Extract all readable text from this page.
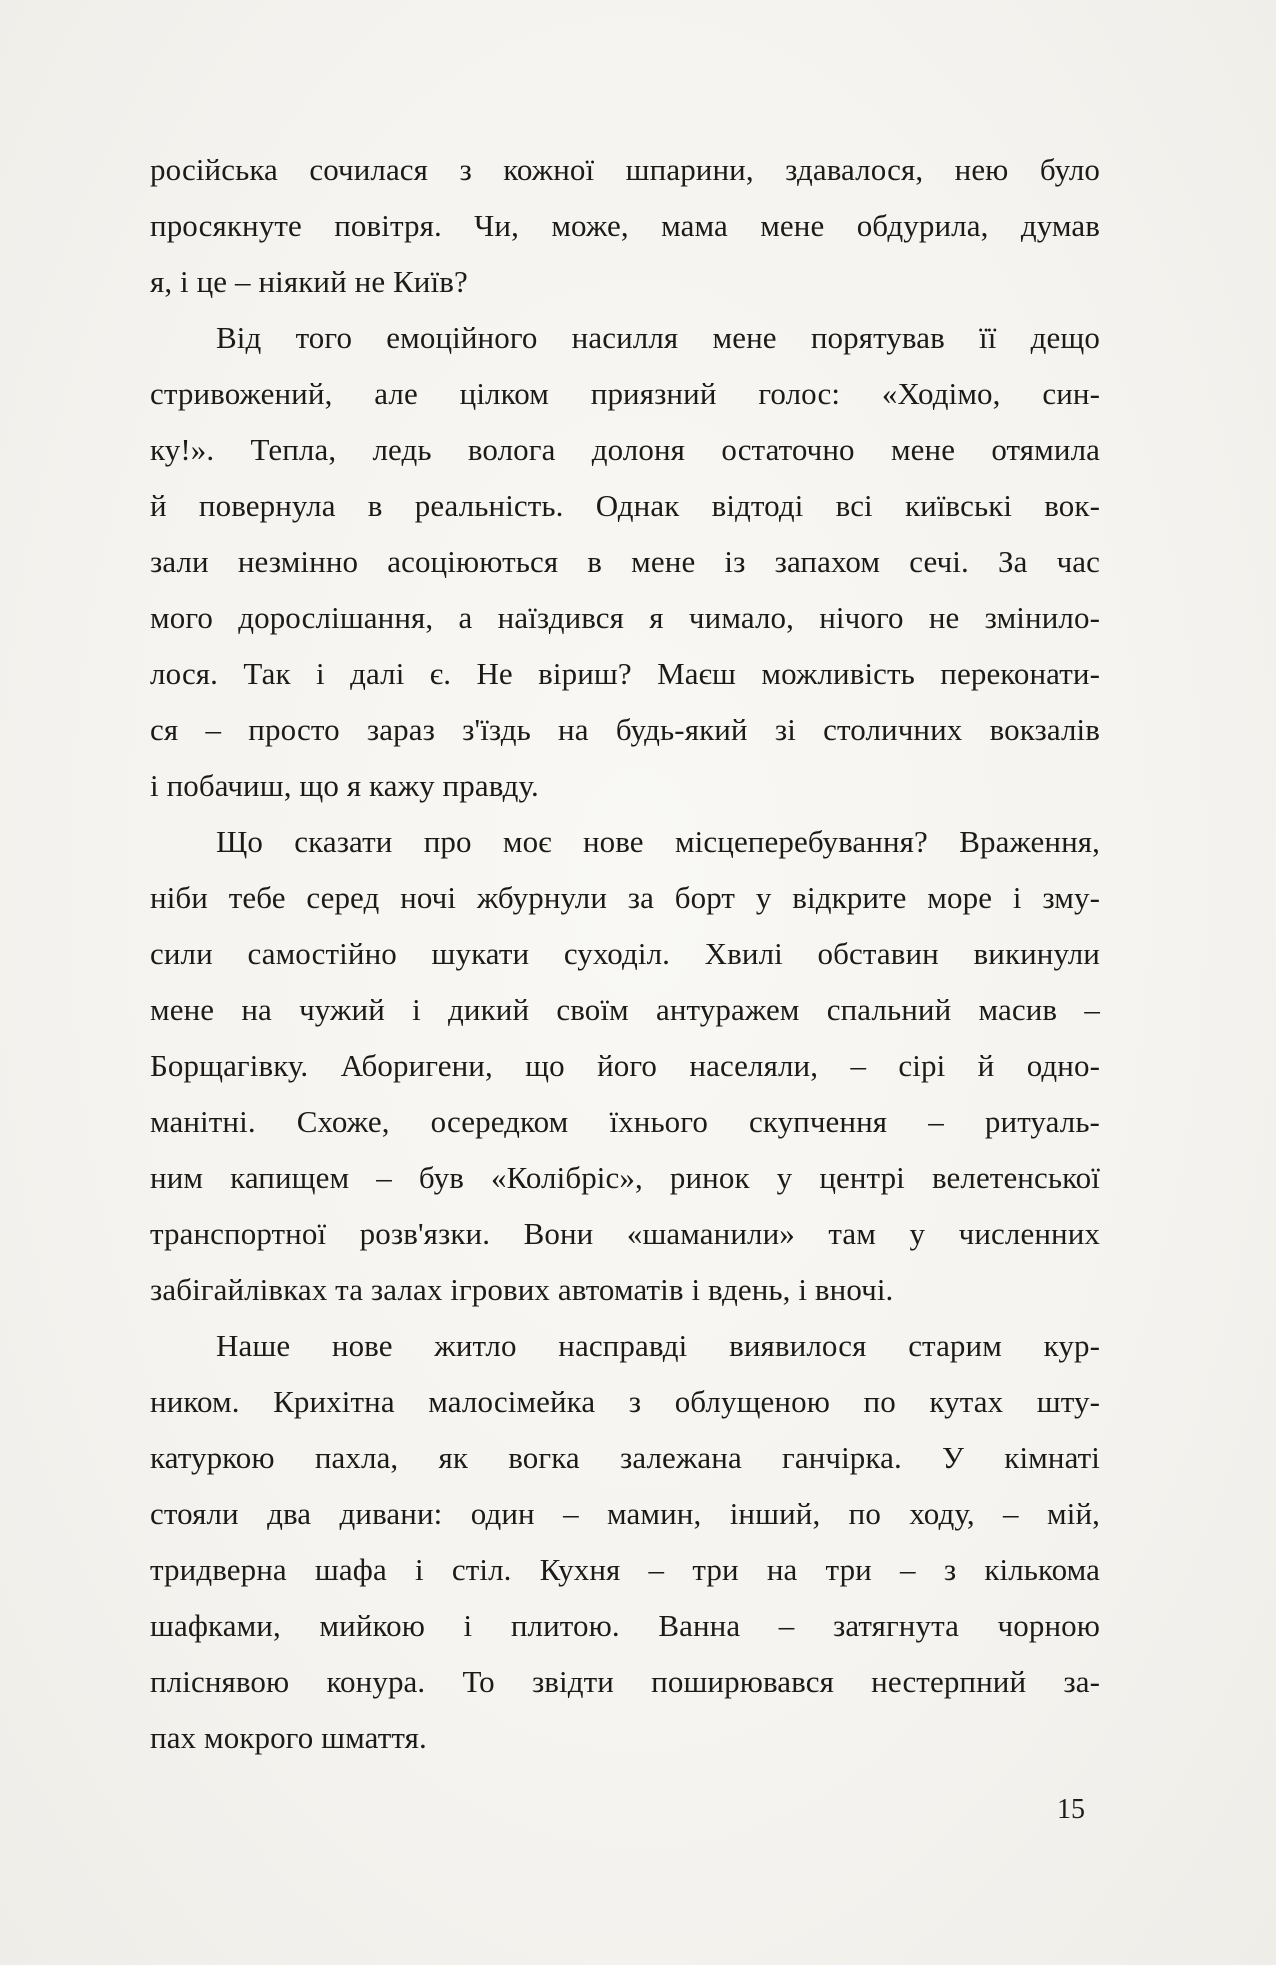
російська сочилася з кожної шпарини, здавалося, нею було
просякнуте повітря. Чи, може, мама мене обдурила, думав
я, і це – ніякий не Київ?
Від того емоційного насилля мене порятував її дещо
стривожений, але цілком приязний голос: «Ходімо, син-
ку!». Тепла, ледь волога долоня остаточно мене отямила
й повернула в реальність. Однак відтоді всі київські вок-
зали незмінно асоціюються в мене із запахом сечі. За час
мого дорослішання, а наїздився я чимало, нічого не змінило-
лося. Так і далі є. Не віриш? Маєш можливість переконати-
ся – просто зараз з'їздь на будь-який зі столичних вокзалів
і побачиш, що я кажу правду.
Що сказати про моє нове місцеперебування? Враження,
ніби тебе серед ночі жбурнули за борт у відкрите море і зму-
сили самостійно шукати суходіл. Хвилі обставин викинули
мене на чужий і дикий своїм антуражем спальний масив –
Борщагівку. Аборигени, що його населяли, – сірі й одно-
манітні. Схоже, осередком їхнього скупчення – ритуаль-
ним капищем – був «Колібріс», ринок у центрі велетенської
транспортної розв'язки. Вони «шаманили» там у численних
забігайлівках та залах ігрових автоматів і вдень, і вночі.
Наше нове житло насправді виявилося старим кур-
ником. Крихітна малосімейка з облущеною по кутах шту-
катуркою пахла, як вогка залежана ганчірка. У кімнаті
стояли два дивани: один – мамин, інший, по ходу, – мій,
тридверна шафа і стіл. Кухня – три на три – з кількома
шафками, мийкою і плитою. Ванна – затягнута чорною
пліснявою конура. То звідти поширювався нестерпний за-
пах мокрого шмаття.
15
